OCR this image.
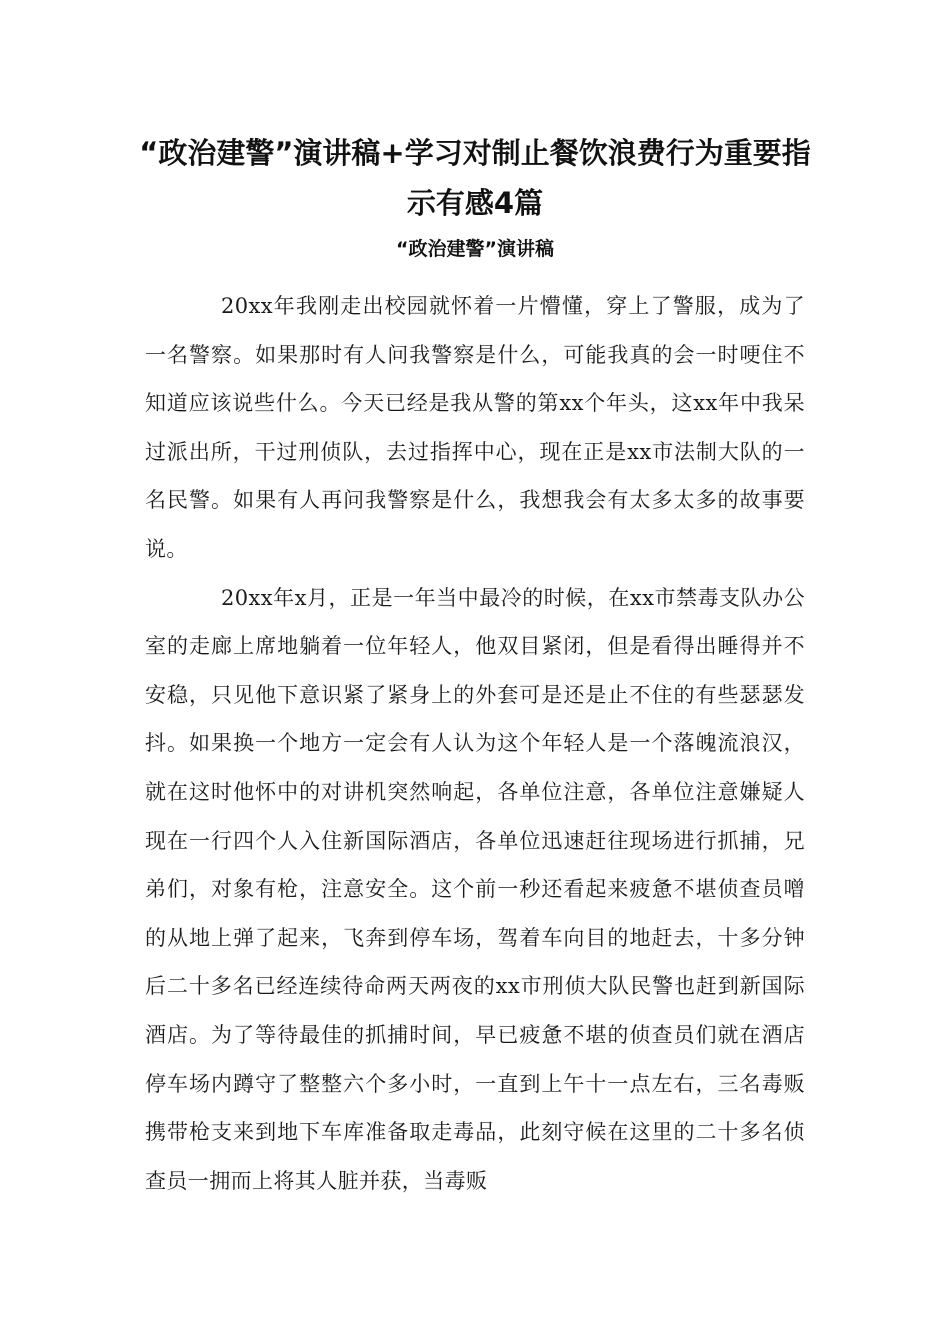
“政治建警”演讲稿+学习对制止餐饮浪费行为重要指示有感4篇
“政治建警”演讲稿

20xx年我刚走出校园就怀着一片懵懂，穿上了警服，成为了一名警察。如果那时有人问我警察是什么，可能我真的会一时哽住不知道应该说些什么。今天已经是我从警的第xx个年头，这xx年中我呆过派出所，干过刑侦队，去过指挥中心，现在正是xx市法制大队的一名民警。如果有人再问我警察是什么，我想我会有太多太多的故事要说。

20xx年x月，正是一年当中最冷的时候，在xx市禁毒支队办公室的走廊上席地躺着一位年轻人，他双目紧闭，但是看得出睡得并不安稳，只见他下意识紧了紧身上的外套可是还是止不住的有些瑟瑟发抖。如果换一个地方一定会有人认为这个年轻人是一个落魄流浪汉，就在这时他怀中的对讲机突然响起，各单位注意，各单位注意嫌疑人现在一行四个人入住新国际酒店，各单位迅速赶往现场进行抓捕，兄弟们，对象有枪，注意安全。这个前一秒还看起来疲惫不堪侦查员噌的从地上弹了起来，飞奔到停车场，驾着车向目的地赶去，十多分钟后二十多名已经连续待命两天两夜的xx市刑侦大队民警也赶到新国际酒店。为了等待最佳的抓捕时间，早已疲惫不堪的侦查员们就在酒店停车场内蹲守了整整六个多小时，一直到上午十一点左右，三名毒贩携带枪支来到地下车库准备取走毒品，此刻守候在这里的二十多名侦查员一拥而上将其人脏并获，当毒贩
